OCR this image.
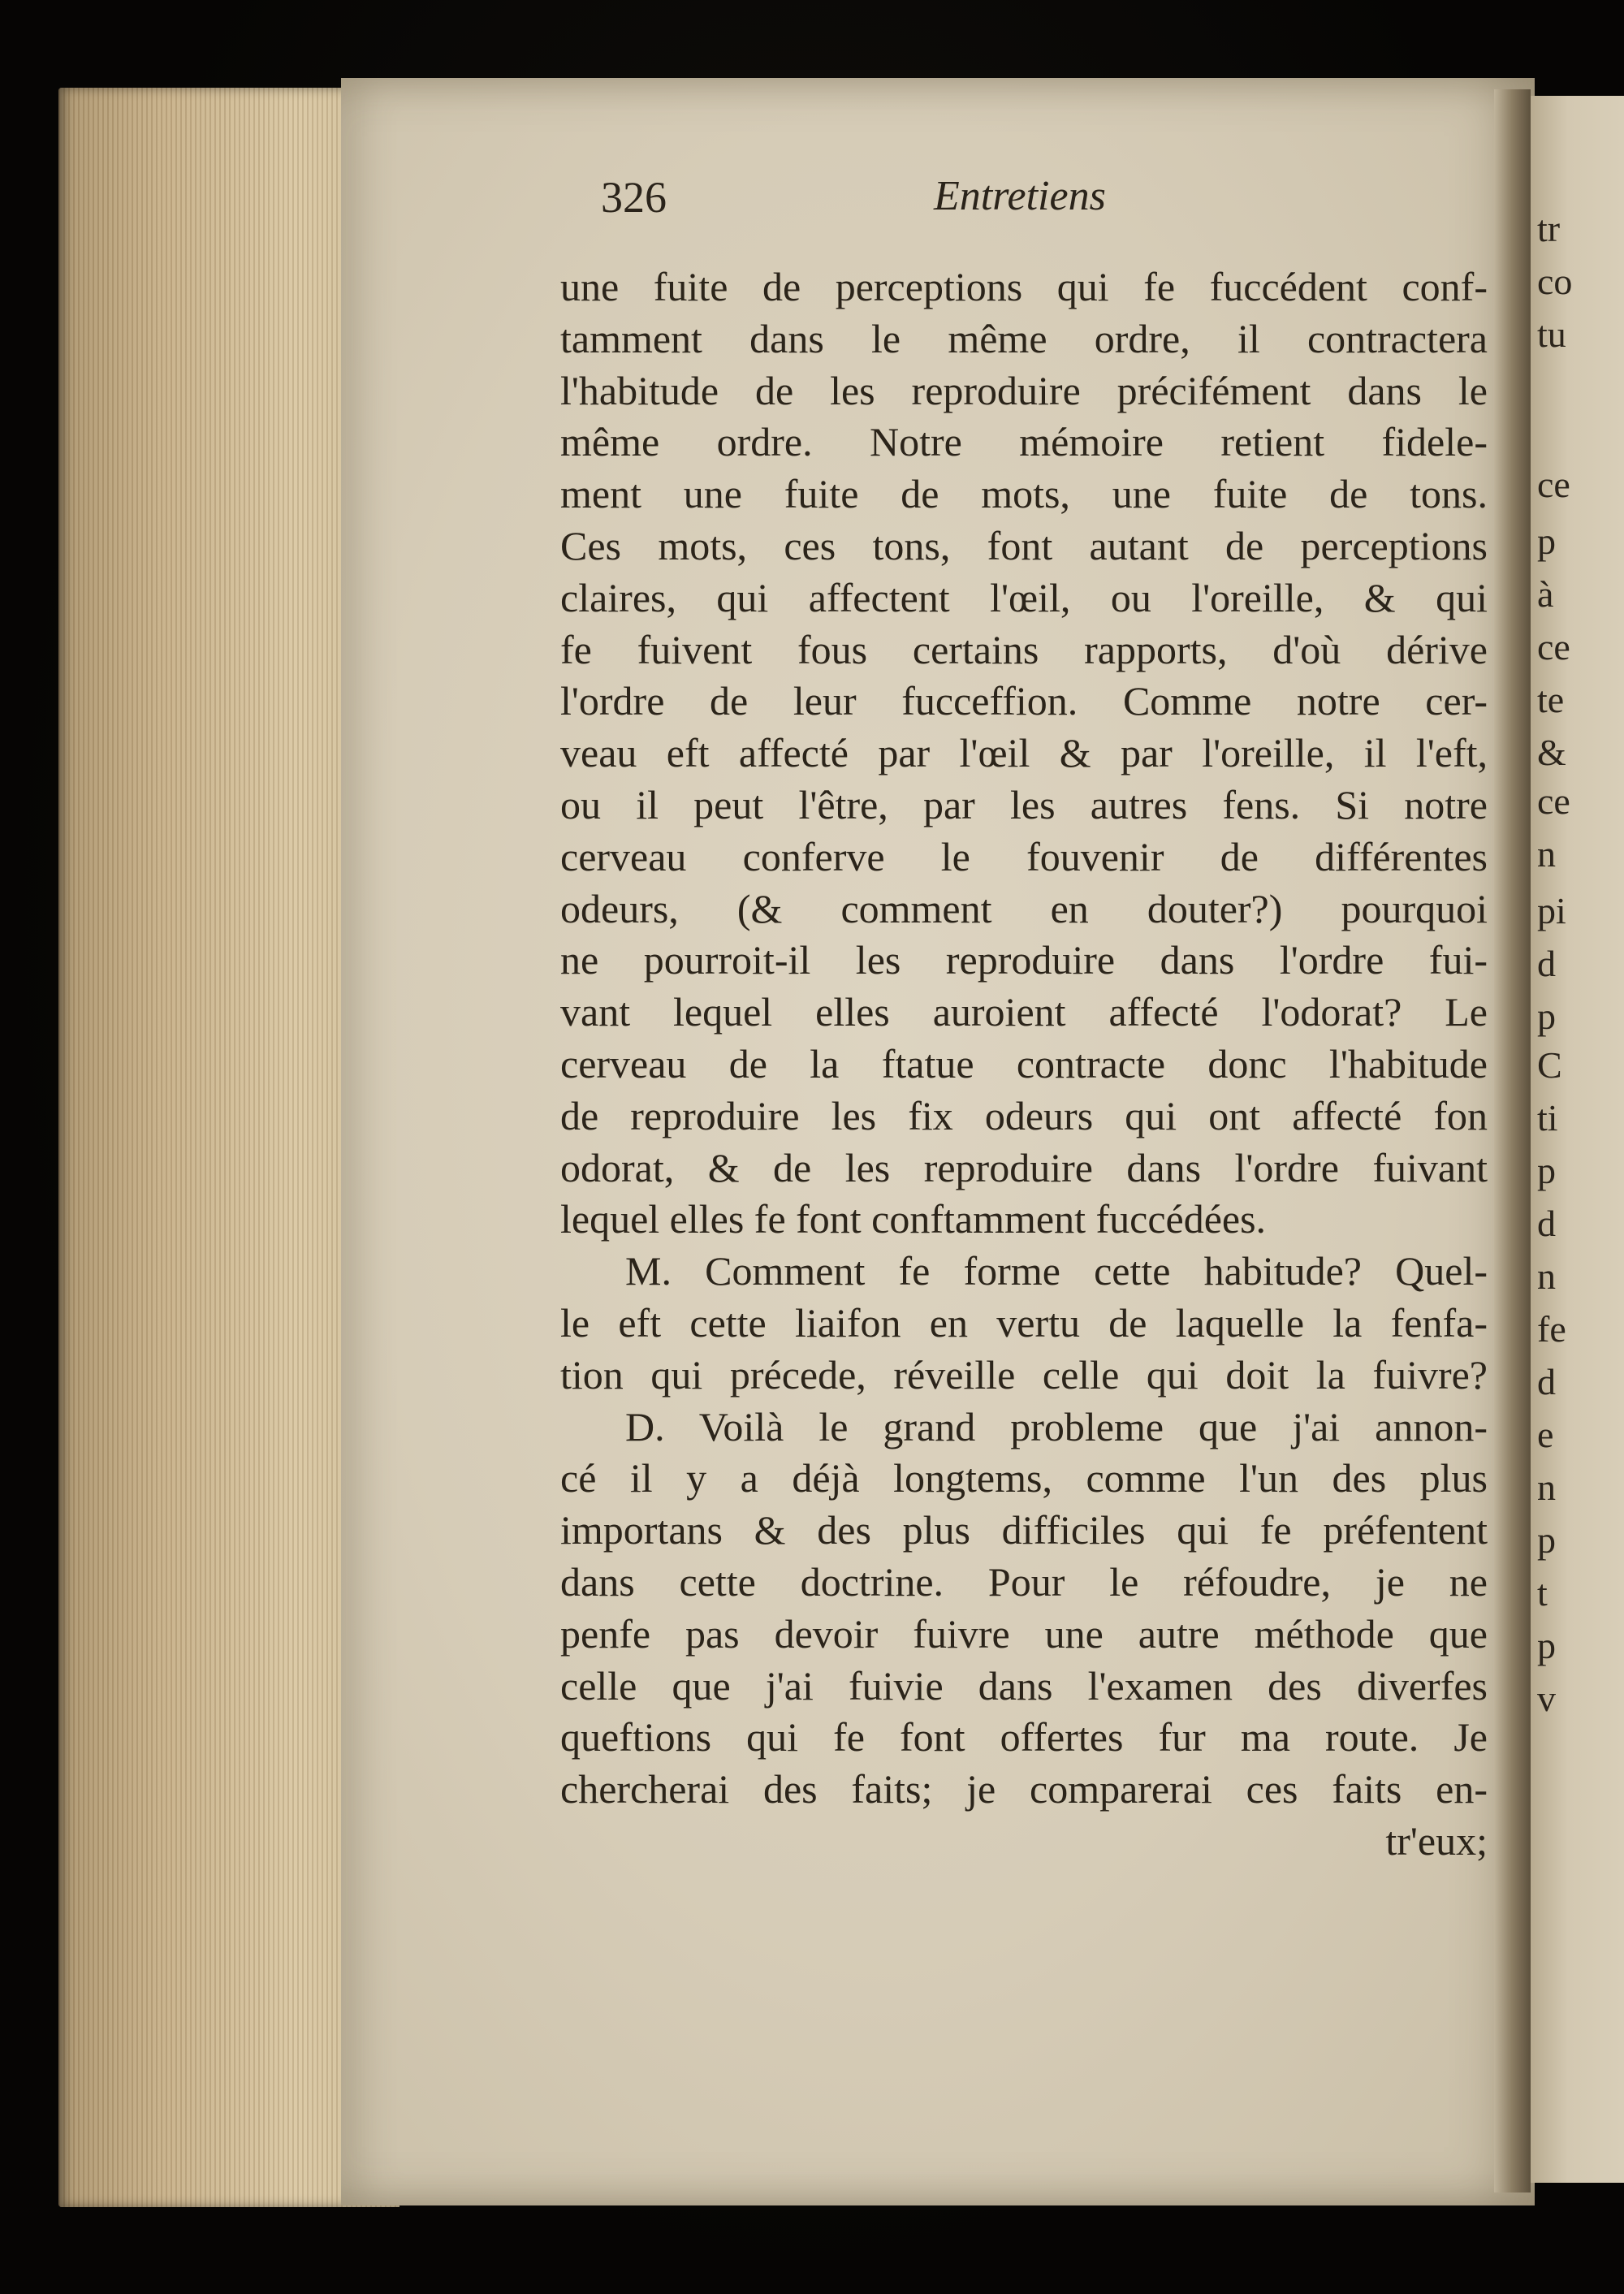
326	Entretiens
une fuite de perceptions qui fe fuccédent conf-
tamment dans le même ordre, il contractera
l'habitude de les reproduire précifément dans le
même ordre. Notre mémoire retient fidele-
ment une fuite de mots, une fuite de tons.
Ces mots, ces tons, font autant de perceptions
claires, qui affectent l'œil, ou l'oreille, & qui
fe fuivent fous certains rapports, d'où dérive
l'ordre de leur fucceffion. Comme notre cer-
veau eft affecté par l'œil & par l'oreille, il l'eft,
ou il peut l'être, par les autres fens. Si notre
cerveau conferve le fouvenir de différentes
odeurs, (& comment en douter?) pourquoi
ne pourroit-il les reproduire dans l'ordre fui-
vant lequel elles auroient affecté l'odorat? Le
cerveau de la ftatue contracte donc l'habitude
de reproduire les fix odeurs qui ont affecté fon
odorat, & de les reproduire dans l'ordre fuivant
lequel elles fe font conftamment fuccédées.
M. Comment fe forme cette habitude? Quel-
le eft cette liaifon en vertu de laquelle la fenfa-
tion qui précede, réveille celle qui doit la fuivre?
D. Voilà le grand probleme que j'ai annon-
cé il y a déjà longtems, comme l'un des plus
importans & des plus difficiles qui fe préfentent
dans cette doctrine. Pour le réfoudre, je ne
penfe pas devoir fuivre une autre méthode que
celle que j'ai fuivie dans l'examen des diverfes
queftions qui fe font offertes fur ma route. Je
chercherai des faits; je comparerai ces faits en-
tr'eux;
tr
co
tu
ce
p
à
ce
te
&
ce
n
pi
d
p
C
ti
p
d
n
fe
d
e
n
p
t
p
v
